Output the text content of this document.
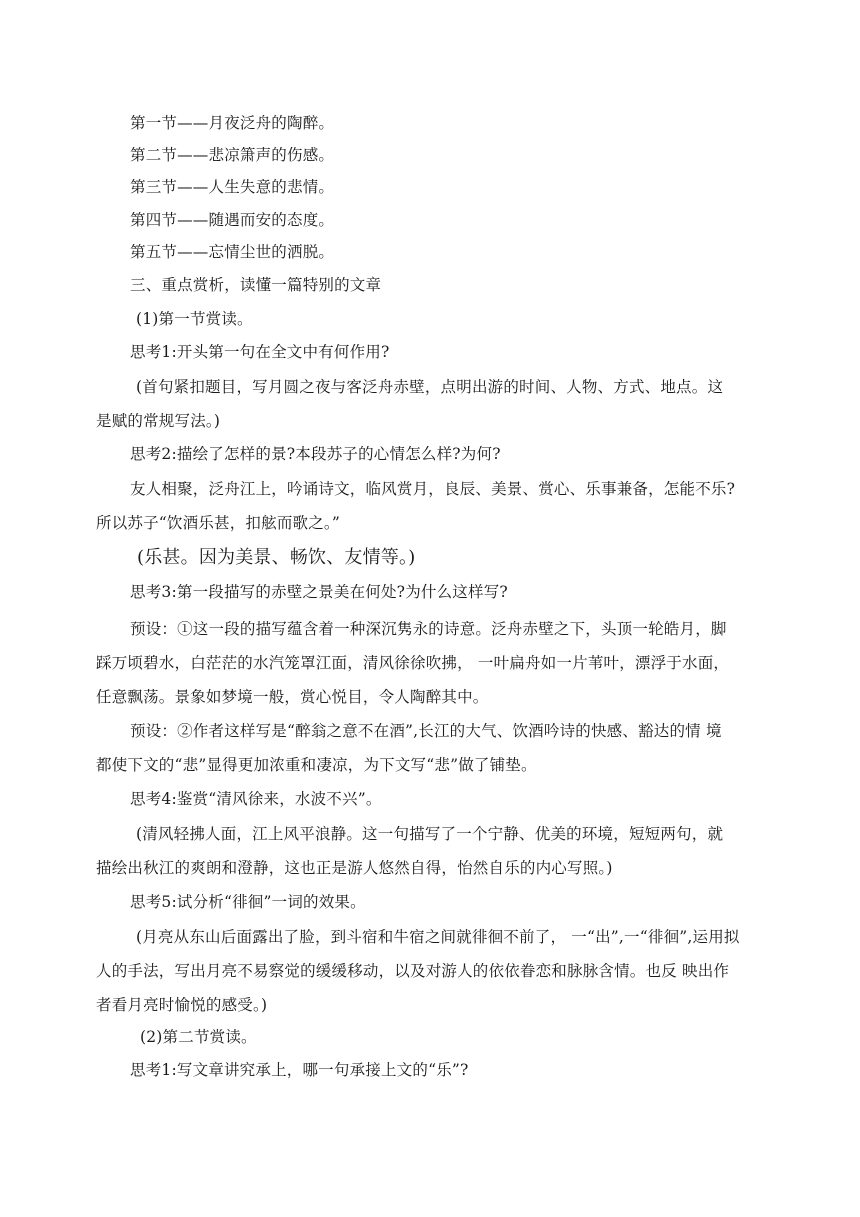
第一节——月夜泛舟的陶醉。
第二节——悲凉箫声的伤感。
第三节——人生失意的悲情。
第四节——随遇而安的态度。
第五节——忘情尘世的洒脱。
三、重点赏析，读懂一篇特别的文章
(1)第一节赏读。
思考1:开头第一句在全文中有何作用?
(首句紧扣题目，写月圆之夜与客泛舟赤壁，点明出游的时间、人物、方式、地点。这
是赋的常规写法。)
思考2:描绘了怎样的景?本段苏子的心情怎么样?为何?
友人相聚，泛舟江上，吟诵诗文，临风赏月，良辰、美景、赏心、乐事兼备，怎能不乐?
所以苏子“饮酒乐甚，扣舷而歌之。”
(乐甚。因为美景、畅饮、友情等。)
思考3:第一段描写的赤壁之景美在何处?为什么这样写?
预设：①这一段的描写蕴含着一种深沉隽永的诗意。泛舟赤壁之下，头顶一轮皓月，脚
踩万顷碧水，白茫茫的水汽笼罩江面，清风徐徐吹拂， 一叶扁舟如一片苇叶，漂浮于水面，
任意飘荡。景象如梦境一般，赏心悦目，令人陶醉其中。
预设：②作者这样写是“醉翁之意不在酒”,长江的大气、饮酒吟诗的快感、豁达的情 境
都使下文的“悲”显得更加浓重和凄凉，为下文写“悲”做了铺垫。
思考4:鉴赏“清风徐来，水波不兴”。
(清风轻拂人面，江上风平浪静。这一句描写了一个宁静、优美的环境，短短两句，就
描绘出秋江的爽朗和澄静，这也正是游人悠然自得，怡然自乐的内心写照。)
思考5:试分析“徘徊”一词的效果。
(月亮从东山后面露出了脸，到斗宿和牛宿之间就徘徊不前了， 一“出”,一“徘徊”,运用拟
人的手法，写出月亮不易察觉的缓缓移动，以及对游人的依依眷恋和脉脉含情。也反 映出作
者看月亮时愉悦的感受。)
(2)第二节赏读。
思考1:写文章讲究承上，哪一句承接上文的“乐”?
